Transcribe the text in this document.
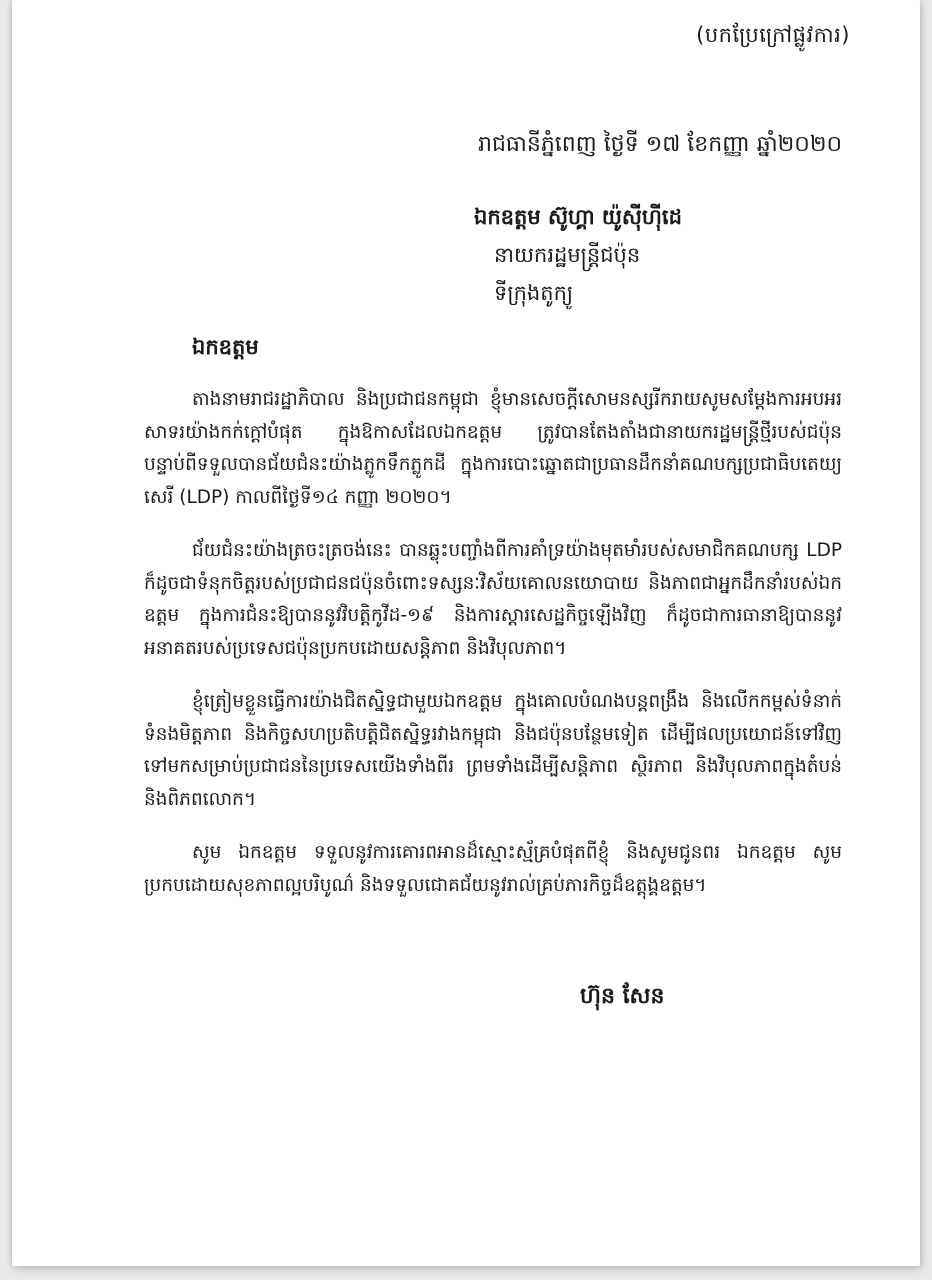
(បកប្រែក្រៅផ្លូវការ)
រាជធានីភ្នំពេញ ថ្ងៃទី ១៧ ខែកញ្ញា ឆ្នាំ២០២០
ឯកឧត្តម ស៊ូហ្គា យ៉ូស៊ីហ៊ីដេ
នាយករដ្ឋមន្ត្រីជប៉ុន
ទីក្រុងតូក្យូ
ឯកឧត្តម

តាងនាមរាជរដ្ឋាភិបាល និងប្រជាជនកម្ពុជា ខ្ញុំមានសេចក្តីសោមនស្សរីករាយសូមសម្តែងការអបអរសាទរយ៉ាងកក់ក្តៅបំផុត ក្នុងឱកាសដែលឯកឧត្តម ត្រូវបានតែងតាំងជានាយករដ្ឋមន្ត្រីថ្មីរបស់ជប៉ុន បន្ទាប់ពីទទួលបានជ័យជំនះយ៉ាងភ្លូកទឹកភ្លូកដី ក្នុងការបោះឆ្នោតជាប្រធានដឹកនាំគណបក្សប្រជាធិបតេយ្យសេរី (LDP) កាលពីថ្ងៃទី១៤ កញ្ញា ២០២០។

ជ័យជំនះយ៉ាងត្រចះត្រចង់នេះ បានឆ្លុះបញ្ចាំងពីការគាំទ្រយ៉ាងមុតមាំរបស់សមាជិកគណបក្ស LDP ក៏ដូចជាទំនុកចិត្តរបស់ប្រជាជនជប៉ុនចំពោះទស្សនៈវិស័យគោលនយោបាយ និងភាពជាអ្នកដឹកនាំរបស់ឯកឧត្តម ក្នុងការជំនះឱ្យបាននូវវិបត្តិកូវីដ-១៩ និងការស្តារសេដ្ឋកិច្ចឡើងវិញ ក៏ដូចជាការធានាឱ្យបាននូវអនាគតរបស់ប្រទេសជប៉ុនប្រកបដោយសន្តិភាព និងវិបុលភាព។

ខ្ញុំត្រៀមខ្លួនធ្វើការយ៉ាងជិតស្និទ្ធជាមួយឯកឧត្តម ក្នុងគោលបំណងបន្តពង្រឹង និងលើកកម្ពស់ទំនាក់ទំនងមិត្តភាព និងកិច្ចសហប្រតិបត្តិជិតស្និទ្ធរវាងកម្ពុជា និងជប៉ុនបន្ថែមទៀត ដើម្បីផលប្រយោជន៍ទៅវិញទៅមកសម្រាប់ប្រជាជននៃប្រទេសយើងទាំងពីរ ព្រមទាំងដើម្បីសន្តិភាព ស្ថិរភាព និងវិបុលភាពក្នុងតំបន់ និងពិភពលោក។

សូម ឯកឧត្តម ទទួលនូវការគោរពអានដ៏ស្មោះស្ម័គ្របំផុតពីខ្ញុំ និងសូមជូនពរ ឯកឧត្តម សូមប្រកបដោយសុខភាពល្អបរិបូណ៌ និងទទួលជោគជ័យនូវរាល់គ្រប់ភារកិច្ចដ៏ឧត្តុង្គឧត្តម។

ហ៊ុន សែន
